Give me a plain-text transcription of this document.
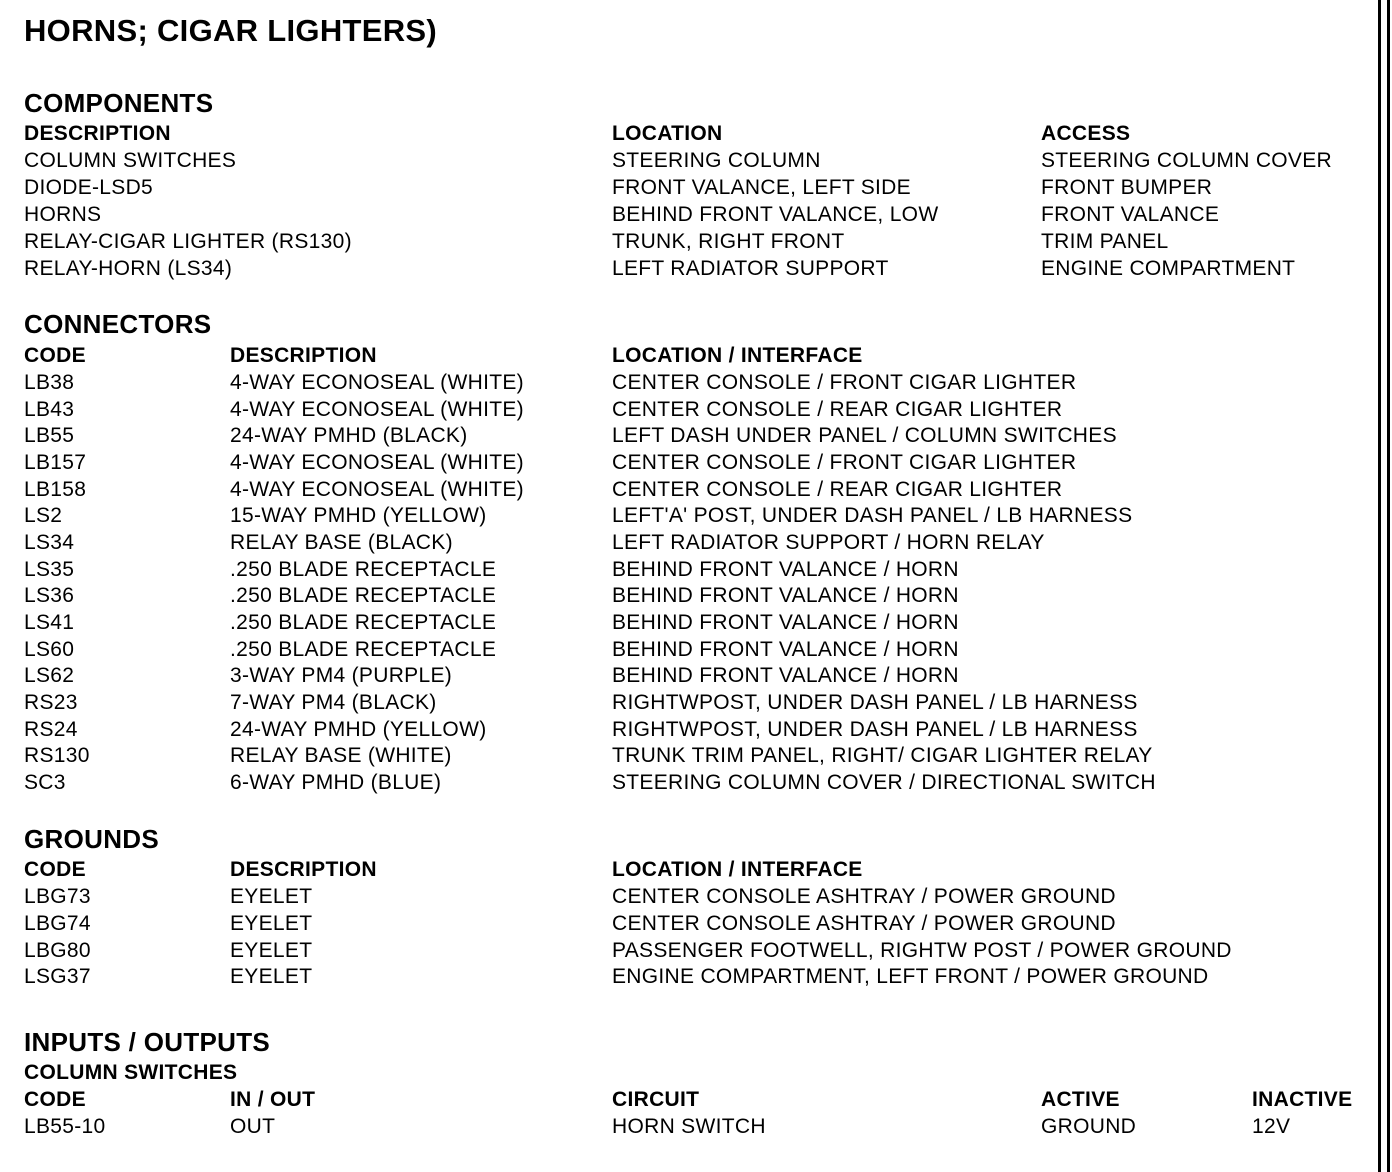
HORNS; CIGAR LIGHTERS)
COMPONENTS
DESCRIPTION	LOCATION	ACCESS
COLUMN SWITCHES	STEERING COLUMN	STEERING COLUMN COVER
DIODE-LSD5	FRONT VALANCE, LEFT SIDE	FRONT BUMPER
HORNS	BEHIND FRONT VALANCE, LOW	FRONT VALANCE
RELAY-CIGAR LIGHTER (RS130)	TRUNK, RIGHT FRONT	TRIM PANEL
RELAY-HORN (LS34)	LEFT RADIATOR SUPPORT	ENGINE COMPARTMENT
CONNECTORS
CODE	DESCRIPTION	LOCATION / INTERFACE
LB38	4-WAY ECONOSEAL (WHITE)	CENTER CONSOLE / FRONT CIGAR LIGHTER
LB43	4-WAY ECONOSEAL (WHITE)	CENTER CONSOLE / REAR CIGAR LIGHTER
LB55	24-WAY PMHD (BLACK)	LEFT DASH UNDER PANEL / COLUMN SWITCHES
LB157	4-WAY ECONOSEAL (WHITE)	CENTER CONSOLE / FRONT CIGAR LIGHTER
LB158	4-WAY ECONOSEAL (WHITE)	CENTER CONSOLE / REAR CIGAR LIGHTER
LS2	15-WAY PMHD (YELLOW)	LEFT'A' POST, UNDER DASH PANEL / LB HARNESS
LS34	RELAY BASE (BLACK)	LEFT RADIATOR SUPPORT / HORN RELAY
LS35	.250 BLADE RECEPTACLE	BEHIND FRONT VALANCE / HORN
LS36	.250 BLADE RECEPTACLE	BEHIND FRONT VALANCE / HORN
LS41	.250 BLADE RECEPTACLE	BEHIND FRONT VALANCE / HORN
LS60	.250 BLADE RECEPTACLE	BEHIND FRONT VALANCE / HORN
LS62	3-WAY PM4 (PURPLE)	BEHIND FRONT VALANCE / HORN
RS23	7-WAY PM4 (BLACK)	RIGHTWPOST, UNDER DASH PANEL / LB HARNESS
RS24	24-WAY PMHD (YELLOW)	RIGHTWPOST, UNDER DASH PANEL / LB HARNESS
RS130	RELAY BASE (WHITE)	TRUNK TRIM PANEL, RIGHT/ CIGAR LIGHTER RELAY
SC3	6-WAY PMHD (BLUE)	STEERING COLUMN COVER / DIRECTIONAL SWITCH
GROUNDS
CODE	DESCRIPTION	LOCATION / INTERFACE
LBG73	EYELET	CENTER CONSOLE ASHTRAY / POWER GROUND
LBG74	EYELET	CENTER CONSOLE ASHTRAY / POWER GROUND
LBG80	EYELET	PASSENGER FOOTWELL, RIGHTW POST / POWER GROUND
LSG37	EYELET	ENGINE COMPARTMENT, LEFT FRONT / POWER GROUND
INPUTS / OUTPUTS
COLUMN SWITCHES
CODE	IN / OUT	CIRCUIT	ACTIVE	INACTIVE
LB55-10	OUT	HORN SWITCH	GROUND	12V
